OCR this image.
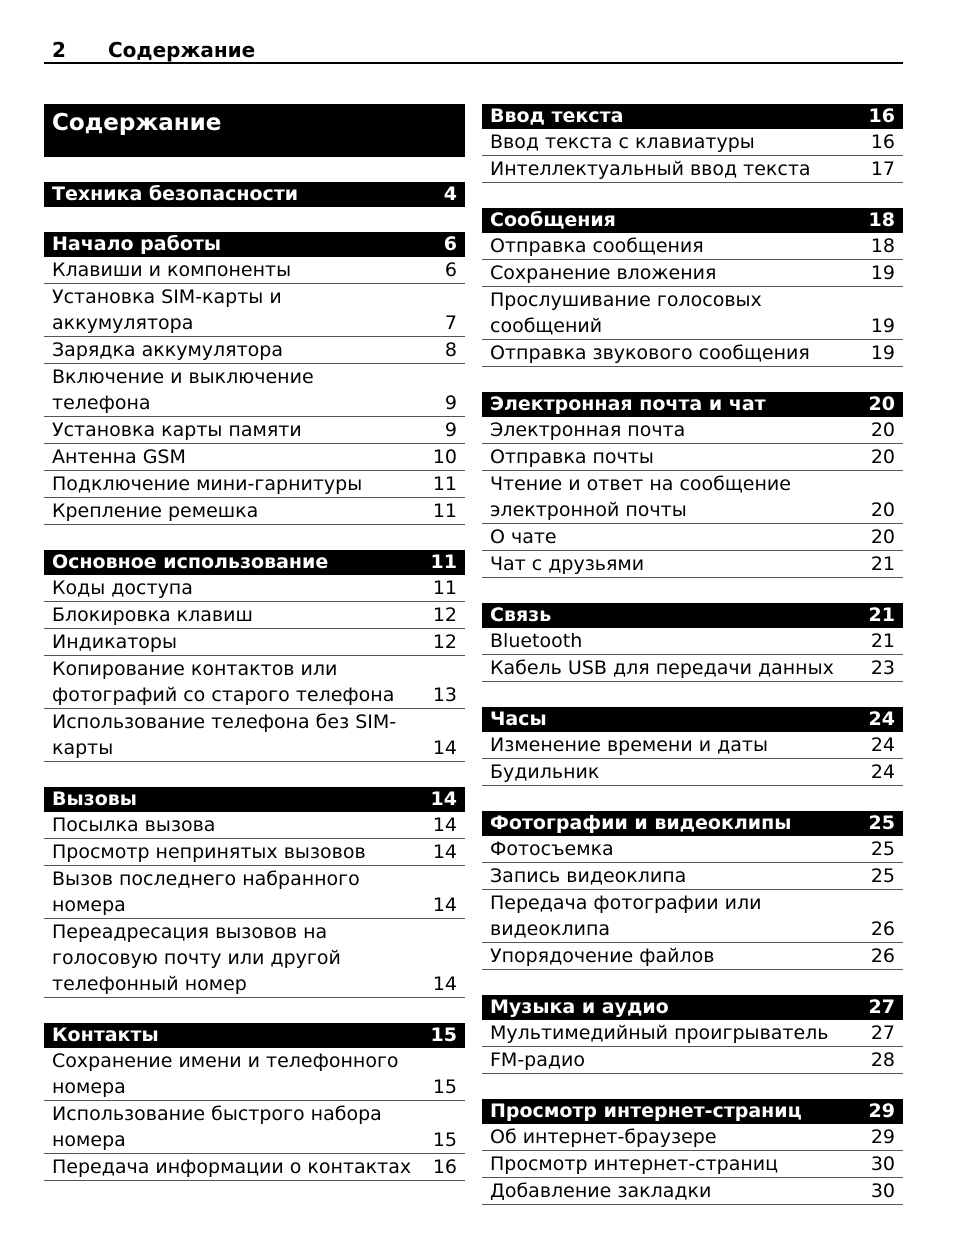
2 Содержание
Содержание
Техника безопасности	4
Начало работы	6
Клавиши и компоненты	6
Установка SIM-карты и
аккумулятора	7
Зарядка аккумулятора	8
Включение и выключение
телефона	9
Установка карты памяти	9
Антенна GSM	10
Подключение мини-гарнитуры	11
Крепление ремешка	11
Основное использование	11
Коды доступа	11
Блокировка клавиш	12
Индикаторы	12
Копирование контактов или
фотографий со старого телефона	13
Использование телефона без SIM-
карты	14
Вызовы	14
Посылка вызова	14
Просмотр непринятых вызовов	14
Вызов последнего набранного
номера	14
Переадресация вызовов на
голосовую почту или другой
телефонный номер	14
Контакты	15
Сохранение имени и телефонного
номера	15
Использование быстрого набора
номера	15
Передача информации о контактах	16
Ввод текста	16
Ввод текста с клавиатуры	16
Интеллектуальный ввод текста	17
Сообщения	18
Отправка сообщения	18
Сохранение вложения	19
Прослушивание голосовых
сообщений	19
Отправка звукового сообщения	19
Электронная почта и чат	20
Электронная почта	20
Отправка почты	20
Чтение и ответ на сообщение
электронной почты	20
О чате	20
Чат с друзьями	21
Связь	21
Bluetooth	21
Кабель USB для передачи данных	23
Часы	24
Изменение времени и даты	24
Будильник	24
Фотографии и видеоклипы	25
Фотосъемка	25
Запись видеоклипа	25
Передача фотографии или
видеоклипа	26
Упорядочение файлов	26
Музыка и аудио	27
Мультимедийный проигрыватель	27
FM-радио	28
Просмотр интернет-страниц	29
Об интернет-браузере	29
Просмотр интернет-страниц	30
Добавление закладки	30
